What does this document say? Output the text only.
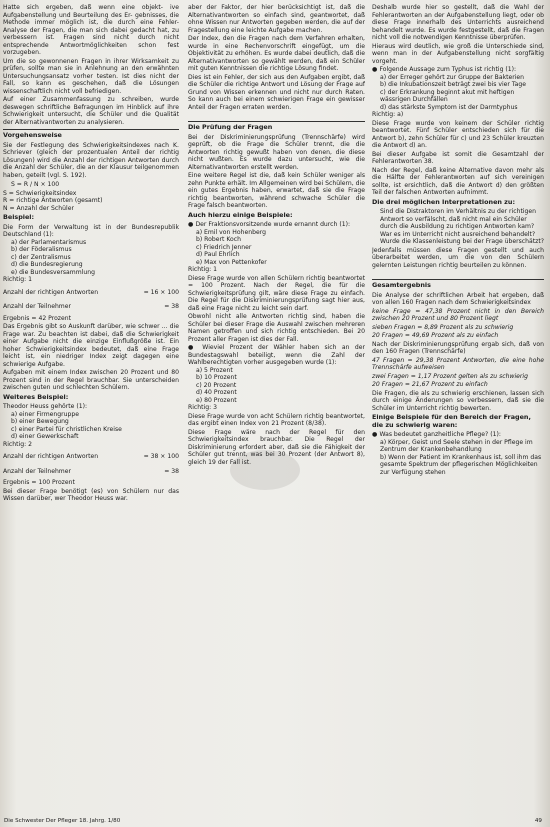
Hatte sich ergeben, daß wenn eine objekt- ive Aufgabenstellung und Beurteilung des Er- gebnisses, die Methode immer möglich ist, die durch eine Fehler- Analyse der Fragen, die man sich dabei gedacht hat, zu verbessern ist. Fragen sind nicht durch nicht entsprechende Antwortmöglichkeiten schon fest vorzugeben.

Um die so gewonnenen Fragen in ihrer Wirksamkeit zu prüfen, sollte man sie in Anlehnung an den erwähnten Untersuchungsansatz vorher testen. Ist dies nicht der Fall, so kann es geschehen, daß die Lösungen wissenschaftlich nicht voll befriedigen.

Auf einer Zusammenfassung zu schreiben, wurde deswegen schriftliche Befragungen im Hinblick auf ihre Schwierigkeit untersucht, die Schüler und die Qualität der Alternativantworten zu analysieren.

Vorgehensweise

Sie der Festlegung des Schwierigkeitsindexes nach K. Schriever (gleich der prozentualen Anteil der richtig Lösungen) wird die Anzahl der richtigen Antworten durch die Anzahl der Schüler, die an der Klausur teilgenommen haben, geteilt (vgl. S. 192).

S = R / N × 100
S = Schwierigkeitsindex
R = richtige Antworten (gesamt)
N = Anzahl der Schüler
Beispiel:

Die Form der Verwaltung ist in der Bundesrepublik Deutschland (1):

a) der Parlamentarismus
b) der Föderalismus
c) der Zentralismus
d) die Bundesregierung
e) die Bundesversammlung
Richtig: 1
Anzahl der richtigen Antworten	= 16 × 100
Anzahl der Teilnehmer	= 38
Ergebnis = 42 Prozent

Das Ergebnis gibt so Auskunft darüber, wie schwer ... die Frage war. Zu beachten ist dabei, daß die Schwierigkeit einer Aufgabe nicht die einzige Einflußgröße ist. Ein hoher Schwierigkeitsindex bedeutet, daß eine Frage leicht ist, ein niedriger Index zeigt dagegen eine schwierige Aufgabe.

Aufgaben mit einem Index zwischen 20 Prozent und 80 Prozent sind in der Regel brauchbar. Sie unterscheiden zwischen guten und schlechten Schülern.

Weiteres Beispiel:

Theodor Heuss gehörte (1):

a) einer Firmengruppe
b) einer Bewegung
c) einer Partei für christlichen Kreise
d) einer Gewerkschaft
Richtig: 2
Anzahl der richtigen Antworten	= 38 × 100
Anzahl der Teilnehmer	= 38
Ergebnis = 100 Prozent

Bei dieser Frage benötigt (es) von Schülern nur das Wissen darüber, wer Theodor Heuss war.

aber der Faktor, der hier berücksichtigt ist, daß die Alternativantworten so einfach sind, geantwortet, daß ohne Wissen nur Antworten gegeben werden, die auf der Fragestellung eine leichte Aufgabe machen.

Der Index, den die Fragen nach dem Verfahren erhalten, wurde in eine Rechenvorschrift eingefügt, um die Objektivität zu erhöhen. Es wurde dabei deutlich, daß die Alternativantworten so gewählt werden, daß ein Schüler mit guten Kenntnissen die richtige Lösung findet.

Dies ist ein Fehler, der sich aus den Aufgaben ergibt, daß die Schüler die richtige Antwort und Lösung der Frage auf Grund von Wissen erkennen und nicht nur durch Raten. So kann auch bei einem schwierigen Frage ein gewisser Anteil der Fragen erraten werden.

Die Prüfung der Fragen

Bei der Diskriminierungsprüfung (Trennschärfe) wird geprüft, ob die Frage die Schüler trennt, die die Antworten richtig gewußt haben von denen, die diese nicht wußten. Es wurde dazu untersucht, wie die Alternativantworten erstellt werden.

Eine weitere Regel ist die, daß kein Schüler weniger als zehn Punkte erhält. Im Allgemeinen wird bei Schülern, die ein gutes Ergebnis haben, erwartet, daß sie die Frage richtig beantworten, während schwache Schüler die Frage falsch beantworten.

Auch hierzu einige Beispiele:

● Der Fraktionsvorsitzende wurde ernannt durch (1):

a) Emil von Hohenberg
b) Robert Koch
c) Friedrich Jenner
d) Paul Ehrlich
e) Max von Pettenkofer
Richtig: 1

Diese Frage wurde von allen Schülern richtig beantwortet = 100 Prozent. Nach der Regel, die für die Schwierigkeitsprüfung gilt, wäre diese Frage zu einfach. Die Regel für die Diskriminierungsprüfung sagt hier aus, daß eine Frage nicht zu leicht sein darf.

Obwohl nicht alle Antworten richtig sind, haben die Schüler bei dieser Frage die Auswahl zwischen mehreren Namen getroffen und sich richtig entschieden. Bei 20 Prozent aller Fragen ist dies der Fall.

● Wieviel Prozent der Wähler haben sich an der Bundestagswahl beteiligt, wenn die Zahl der Wahlberechtigten vorher ausgegeben wurde (1):

a) 5 Prozent
b) 10 Prozent
c) 20 Prozent
d) 40 Prozent
e) 80 Prozent
Richtig: 3

Diese Frage wurde von acht Schülern richtig beantwortet, das ergibt einen Index von 21 Prozent (8/38).

Diese Frage wäre nach der Regel für den Schwierigkeitsindex brauchbar. Die Regel der Diskriminierung erfordert aber, daß sie die Fähigkeit der Schüler gut trennt, was bei 30 Prozent (der Antwort 8), gleich 19 der Fall ist.

Deshalb wurde hier so gestellt, daß die Wahl der Fehlerantworten an der Aufgabenstellung liegt, oder ob diese Frage innerhalb des Unterrichts ausreichend behandelt wurde. Es wurde festgestellt, daß die Fragen nicht voll die notwendigen Kenntnisse überprüfen.

Hieraus wird deutlich, wie groß die Unterschiede sind, wenn man in der Aufgabenstellung nicht sorgfältig vorgeht.

● Folgende Aussage zum Typhus ist richtig (1):

a) der Erreger gehört zur Gruppe der Bakterien
b) die Inkubationszeit beträgt zwei bis vier Tage
c) der Erkrankung beginnt akut mit heftigen wässrigen Durchfällen
d) das stärkste Symptom ist der Darmtyphus
Richtig: a)

Diese Frage wurde von keinem der Schüler richtig beantwortet. Fünf Schüler entschieden sich für die Antwort b), zehn Schüler für c) und 23 Schüler kreuzten die Antwort d) an.

Bei dieser Aufgabe ist somit die Gesamtzahl der Fehlerantworten 38.

Nach der Regel, daß keine Alternative davon mehr als die Hälfte der Fehlerantworten auf sich vereinigen sollte, ist ersichtlich, daß die Antwort d) den größten Teil der falschen Antworten aufnimmt.

Die drei möglichen Interpretationen zu:
Sind die Distraktoren im Verhältnis zu der richtigen Antwort so verfälscht, daß nicht mal ein Schüler durch die Ausbildung zu richtigen Antworten kam?
War es im Unterricht nicht ausreichend behandelt?
Wurde die Klassenleistung bei der Frage überschätzt?

Jedenfalls müssen diese Fragen gestellt und auch überarbeitet werden, um die von den Schülern gelernten Leistungen richtig beurteilen zu können.

Gesamtergebnis

Die Analyse der schriftlichen Arbeit hat ergeben, daß von allen 160 Fragen nach dem Schwierigkeitsindex

keine Frage = 47,38 Prozent nicht in den Bereich zwischen 20 Prozent und 80 Prozent liegt

sieben Fragen = 8,89 Prozent als zu schwierig

20 Fragen = 49,69 Prozent als zu einfach

Nach der Diskriminierungsprüfung ergab sich, daß von den 160 Fragen (Trennschärfe)

47 Fragen = 29,38 Prozent Antworten, die eine hohe Trennschärfe aufweisen

zwei Fragen = 1,17 Prozent gelten als zu schwierig

20 Fragen = 21,67 Prozent zu einfach

Die Fragen, die als zu schwierig erschienen, lassen sich durch einige Änderungen so verbessern, daß sie die Schüler im Unterricht richtig bewerten.

Einige Beispiele für den Bereich der Fragen, die zu schwierig waren:

● Was bedeutet ganzheitliche Pflege? (1):

a) Körper, Geist und Seele stehen in der Pflege im Zentrum der Krankenbehandlung
b) Wenn der Patient im Krankenhaus ist, soll ihm das gesamte Spektrum der pflegerischen Möglichkeiten zur Verfügung stehen
Die Schwester Der Pfleger 18. Jahrg. 1/80	49
